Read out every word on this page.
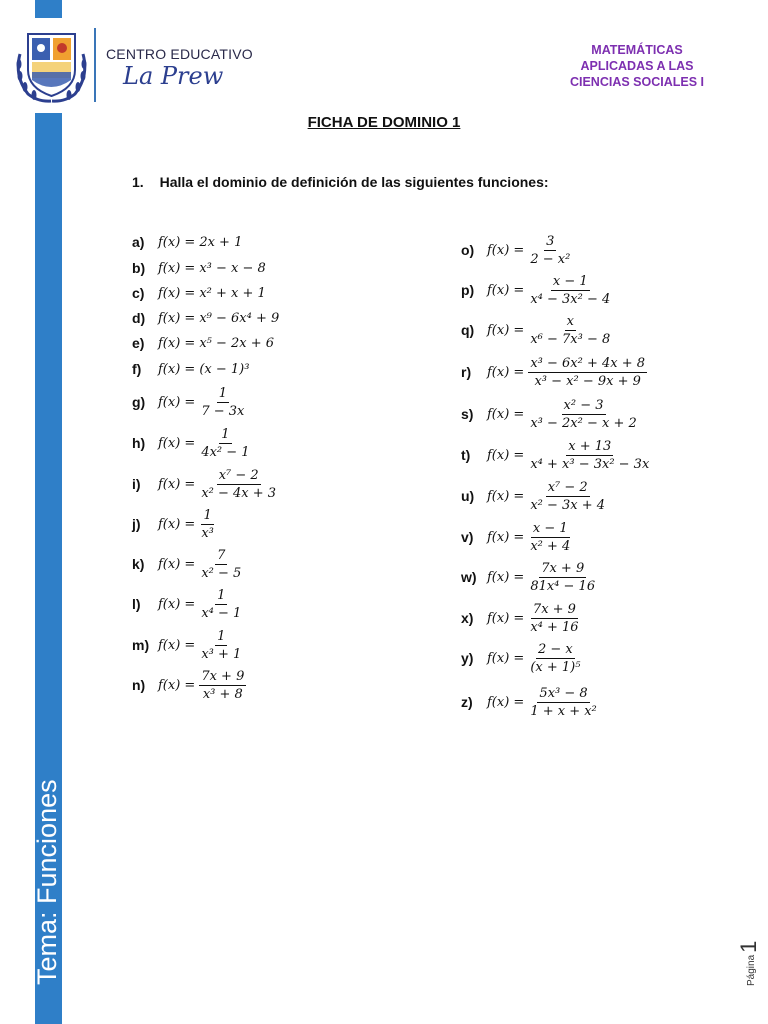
Tema: Funciones
CENTRO EDUCATIVO
La Prew
MATEMÁTICAS
APLICADAS A LAS
CIENCIAS SOCIALES I
FICHA DE DOMINIO 1
1. Halla el dominio de definición de las siguientes funciones:
a)	f(x) = 2x + 1
b) f(x) = x³ − x − 8
c)	f(x) = x² + x + 1
d) f(x) = x⁹ − 6x⁴ + 9
e)	f(x) = x⁵ − 2x + 6
f)	f(x) = (x − 1)³
g) $f(x) = \frac{1}{7 - 3x}$
h) $f(x) = \frac{1}{\text{4x² − 1}}$
i)	$f(x) = \frac{\text{x⁷ − 2}}{\text{x² − 4x + 3}}$
j)	$f(x) = \frac{1}{\text{x³}}$
k)	$f(x) = \frac{7}{\text{x² − 5}}$
l)	$f(x) = \frac{1}{\text{x⁴ − 1}}$
m) $f(x) = \frac{1}{\text{x³ + 1}}$
n) $f(x) = \frac{7x + 9}{\text{x³ + 8}}$
o) $f(x) = \frac{3}{\text{2 − x²}}$
p) $f(x) = \frac{x - 1}{\text{x⁴ − 3x² − 4}}$
q) $f(x) = \frac{x}{\text{x⁶ − 7x³ − 8}}$
r)	$f(x) = \frac{\text{x³ − 6x² + 4x + 8}}{\text{x³ − x² − 9x + 9}}$
s)	$f(x) = \frac{\text{x² − 3}}{\text{x³ − 2x² − x + 2}}$
t)	$f(x) = \frac{x + 13}{\text{x⁴ + x³ − 3x² − 3x}}$
u) $f(x) = \frac{\text{x⁷ − 2}}{\text{x² − 3x + 4}}$
v)	$f(x) = \frac{x - 1}{\text{x² + 4}}$
w) $f(x) = \frac{7x + 9}{\text{81x⁴ − 16}}$
x)	$f(x) = \frac{7x + 9}{\text{x⁴ + 16}}$
y)	$f(x) = \frac{2 - x}{\text{(x + 1)⁵}}$
z)	$f(x) = \frac{\text{5x³ − 8}}{\text{1 + x + x²}}$
Página1
